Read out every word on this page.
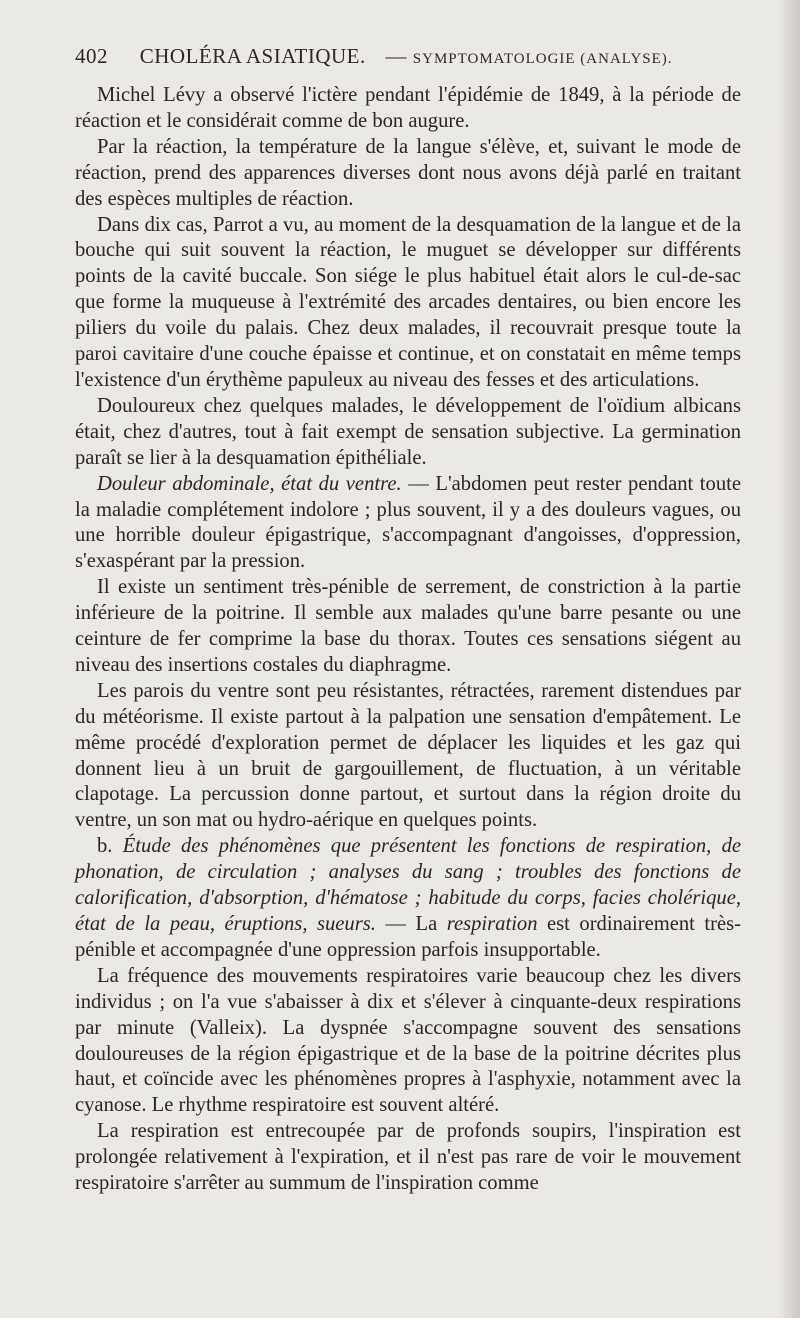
402 CHOLÉRA ASIATIQUE. — SYMPTOMATOLOGIE (ANALYSE).

Michel Lévy a observé l'ictère pendant l'épidémie de 1849, à la période de réaction et le considérait comme de bon augure.

Par la réaction, la température de la langue s'élève, et, suivant le mode de réaction, prend des apparences diverses dont nous avons déjà parlé en traitant des espèces multiples de réaction.

Dans dix cas, Parrot a vu, au moment de la desquamation de la langue et de la bouche qui suit souvent la réaction, le muguet se développer sur différents points de la cavité buccale. Son siége le plus habituel était alors le cul-de-sac que forme la muqueuse à l'extrémité des arcades dentaires, ou bien encore les piliers du voile du palais. Chez deux malades, il recouvrait presque toute la paroi cavitaire d'une couche épaisse et continue, et on constatait en même temps l'existence d'un érythème papuleux au niveau des fesses et des articulations.

Douloureux chez quelques malades, le développement de l'oïdium albicans était, chez d'autres, tout à fait exempt de sensation subjective. La germination paraît se lier à la desquamation épithéliale.

Douleur abdominale, état du ventre. — L'abdomen peut rester pendant toute la maladie complétement indolore ; plus souvent, il y a des douleurs vagues, ou une horrible douleur épigastrique, s'accompagnant d'angoisses, d'oppression, s'exaspérant par la pression.

Il existe un sentiment très-pénible de serrement, de constriction à la partie inférieure de la poitrine. Il semble aux malades qu'une barre pesante ou une ceinture de fer comprime la base du thorax. Toutes ces sensations siégent au niveau des insertions costales du diaphragme.

Les parois du ventre sont peu résistantes, rétractées, rarement distendues par du météorisme. Il existe partout à la palpation une sensation d'empâtement. Le même procédé d'exploration permet de déplacer les liquides et les gaz qui donnent lieu à un bruit de gargouillement, de fluctuation, à un véritable clapotage. La percussion donne partout, et surtout dans la région droite du ventre, un son mat ou hydro-aérique en quelques points.

b. Étude des phénomènes que présentent les fonctions de respiration, de phonation, de circulation ; analyses du sang ; troubles des fonctions de calorification, d'absorption, d'hématose ; habitude du corps, facies cholérique, état de la peau, éruptions, sueurs. — La respiration est ordinairement très-pénible et accompagnée d'une oppression parfois insupportable.

La fréquence des mouvements respiratoires varie beaucoup chez les divers individus ; on l'a vue s'abaisser à dix et s'élever à cinquante-deux respirations par minute (Valleix). La dyspnée s'accompagne souvent des sensations douloureuses de la région épigastrique et de la base de la poitrine décrites plus haut, et coïncide avec les phénomènes propres à l'asphyxie, notamment avec la cyanose. Le rhythme respiratoire est souvent altéré.

La respiration est entrecoupée par de profonds soupirs, l'inspiration est prolongée relativement à l'expiration, et il n'est pas rare de voir le mouvement respiratoire s'arrêter au summum de l'inspiration comme
